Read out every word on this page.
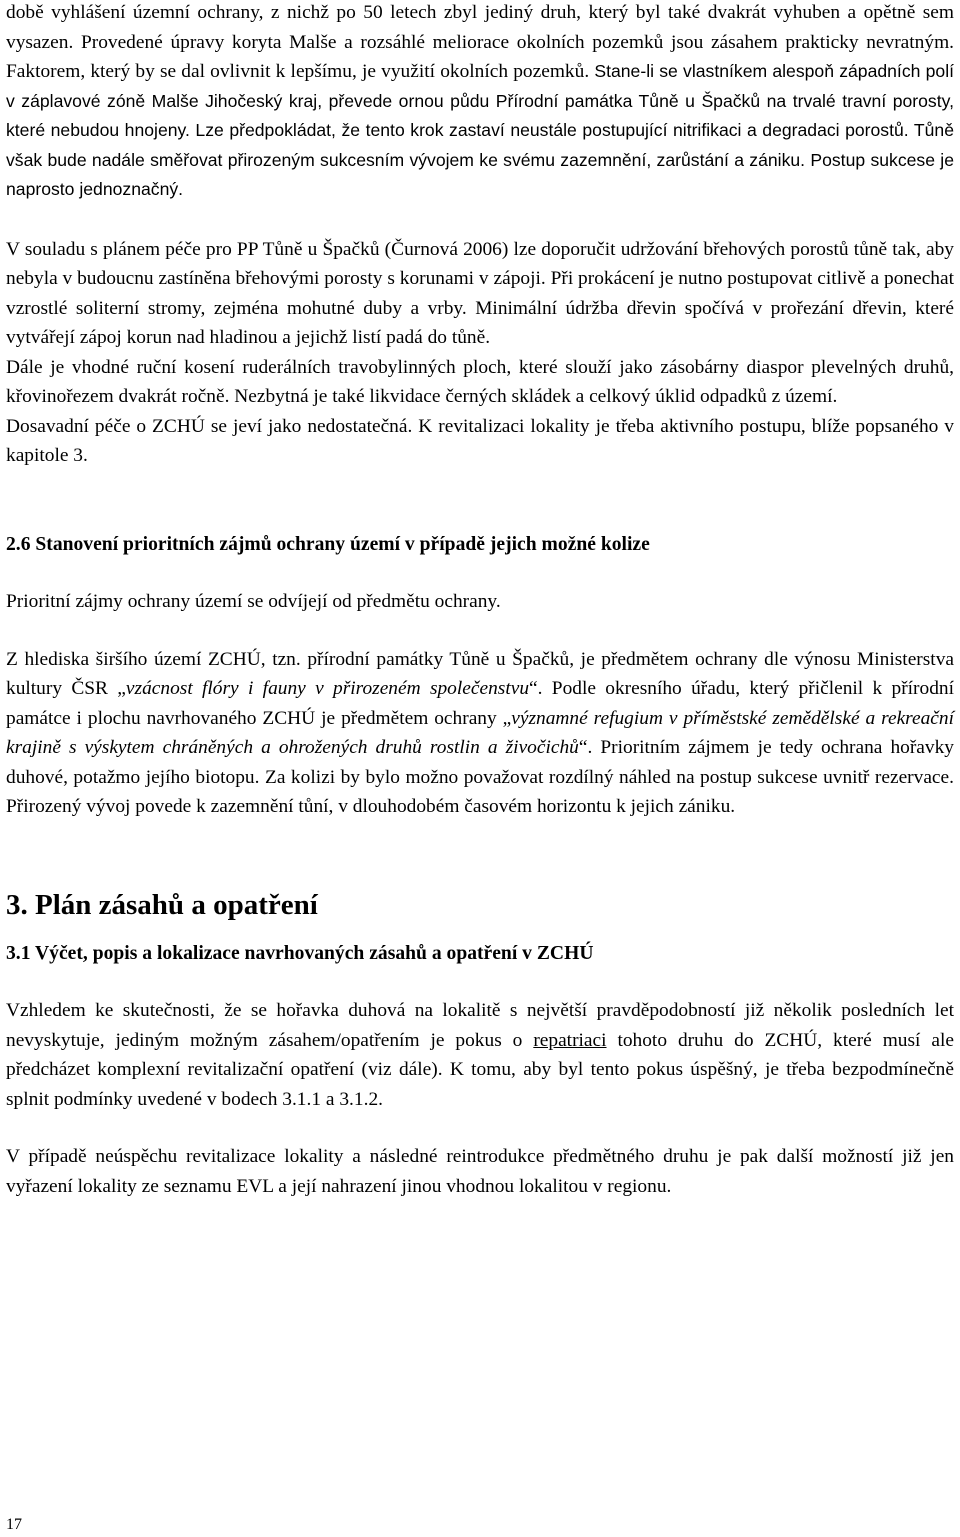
době vyhlášení územní ochrany, z nichž po 50 letech zbyl jediný druh, který byl také dvakrát vyhuben a opětně sem vysazen. Provedené úpravy koryta Malše a rozsáhlé meliorace okolních pozemků jsou zásahem prakticky nevratným. Faktorem, který by se dal ovlivnit k lepšímu, je využití okolních pozemků. Stane-li se vlastníkem alespoň západních polí v záplavové zóně Malše Jihočeský kraj, převede ornou půdu Přírodní památka Tůně u Špačků na trvalé travní porosty, které nebudou hnojeny. Lze předpokládat, že tento krok zastaví neustále postupující nitrifikaci a degradaci porostů. Tůně však bude nadále směřovat přirozeným sukcesním vývojem ke svému zazemnění, zarůstání a zániku. Postup sukcese je naprosto jednoznačný.

V souladu s plánem péče pro PP Tůně u Špačků (Čurnová 2006) lze doporučit udržování břehových porostů tůně tak, aby nebyla v budoucnu zastíněna břehovými porosty s korunami v zápoji. Při prokácení je nutno postupovat citlivě a ponechat vzrostlé soliterní stromy, zejména mohutné duby a vrby. Minimální údržba dřevin spočívá v prořezání dřevin, které vytvářejí zápoj korun nad hladinou a jejichž listí padá do tůně.

Dále je vhodné ruční kosení ruderálních travobylinných ploch, které slouží jako zásobárny diaspor plevelných druhů, křovinořezem dvakrát ročně. Nezbytná je také likvidace černých skládek a celkový úklid odpadků z území.

Dosavadní péče o ZCHÚ se jeví jako nedostatečná. K revitalizaci lokality je třeba aktivního postupu, blíže popsaného v kapitole 3.

2.6 Stanovení prioritních zájmů ochrany území v případě jejich možné kolize

Prioritní zájmy ochrany území se odvíjejí od předmětu ochrany.

Z hlediska širšího území ZCHÚ, tzn. přírodní památky Tůně u Špačků, je předmětem ochrany dle výnosu Ministerstva kultury ČSR „vzácnost flóry i fauny v přirozeném společenstvu“. Podle okresního úřadu, který přičlenil k přírodní památce i plochu navrhovaného ZCHÚ je předmětem ochrany „významné refugium v příměstské zemědělské a rekreační krajině s výskytem chráněných a ohrožených druhů rostlin a živočichů“. Prioritním zájmem je tedy ochrana hořavky duhové, potažmo jejího biotopu. Za kolizi by bylo možno považovat rozdílný náhled na postup sukcese uvnitř rezervace. Přirozený vývoj povede k zazemnění tůní, v dlouhodobém časovém horizontu k jejich zániku.

3. Plán zásahů a opatření
3.1 Výčet, popis a lokalizace navrhovaných zásahů a opatření v ZCHÚ

Vzhledem ke skutečnosti, že se hořavka duhová na lokalitě s největší pravděpodobností již několik posledních let nevyskytuje, jediným možným zásahem/opatřením je pokus o repatriaci tohoto druhu do ZCHÚ, které musí ale předcházet komplexní revitalizační opatření (viz dále). K tomu, aby byl tento pokus úspěšný, je třeba bezpodmínečně splnit podmínky uvedené v bodech 3.1.1 a 3.1.2.

V případě neúspěchu revitalizace lokality a následné reintrodukce předmětného druhu je pak další možností již jen vyřazení lokality ze seznamu EVL a její nahrazení jinou vhodnou lokalitou v regionu.

17
